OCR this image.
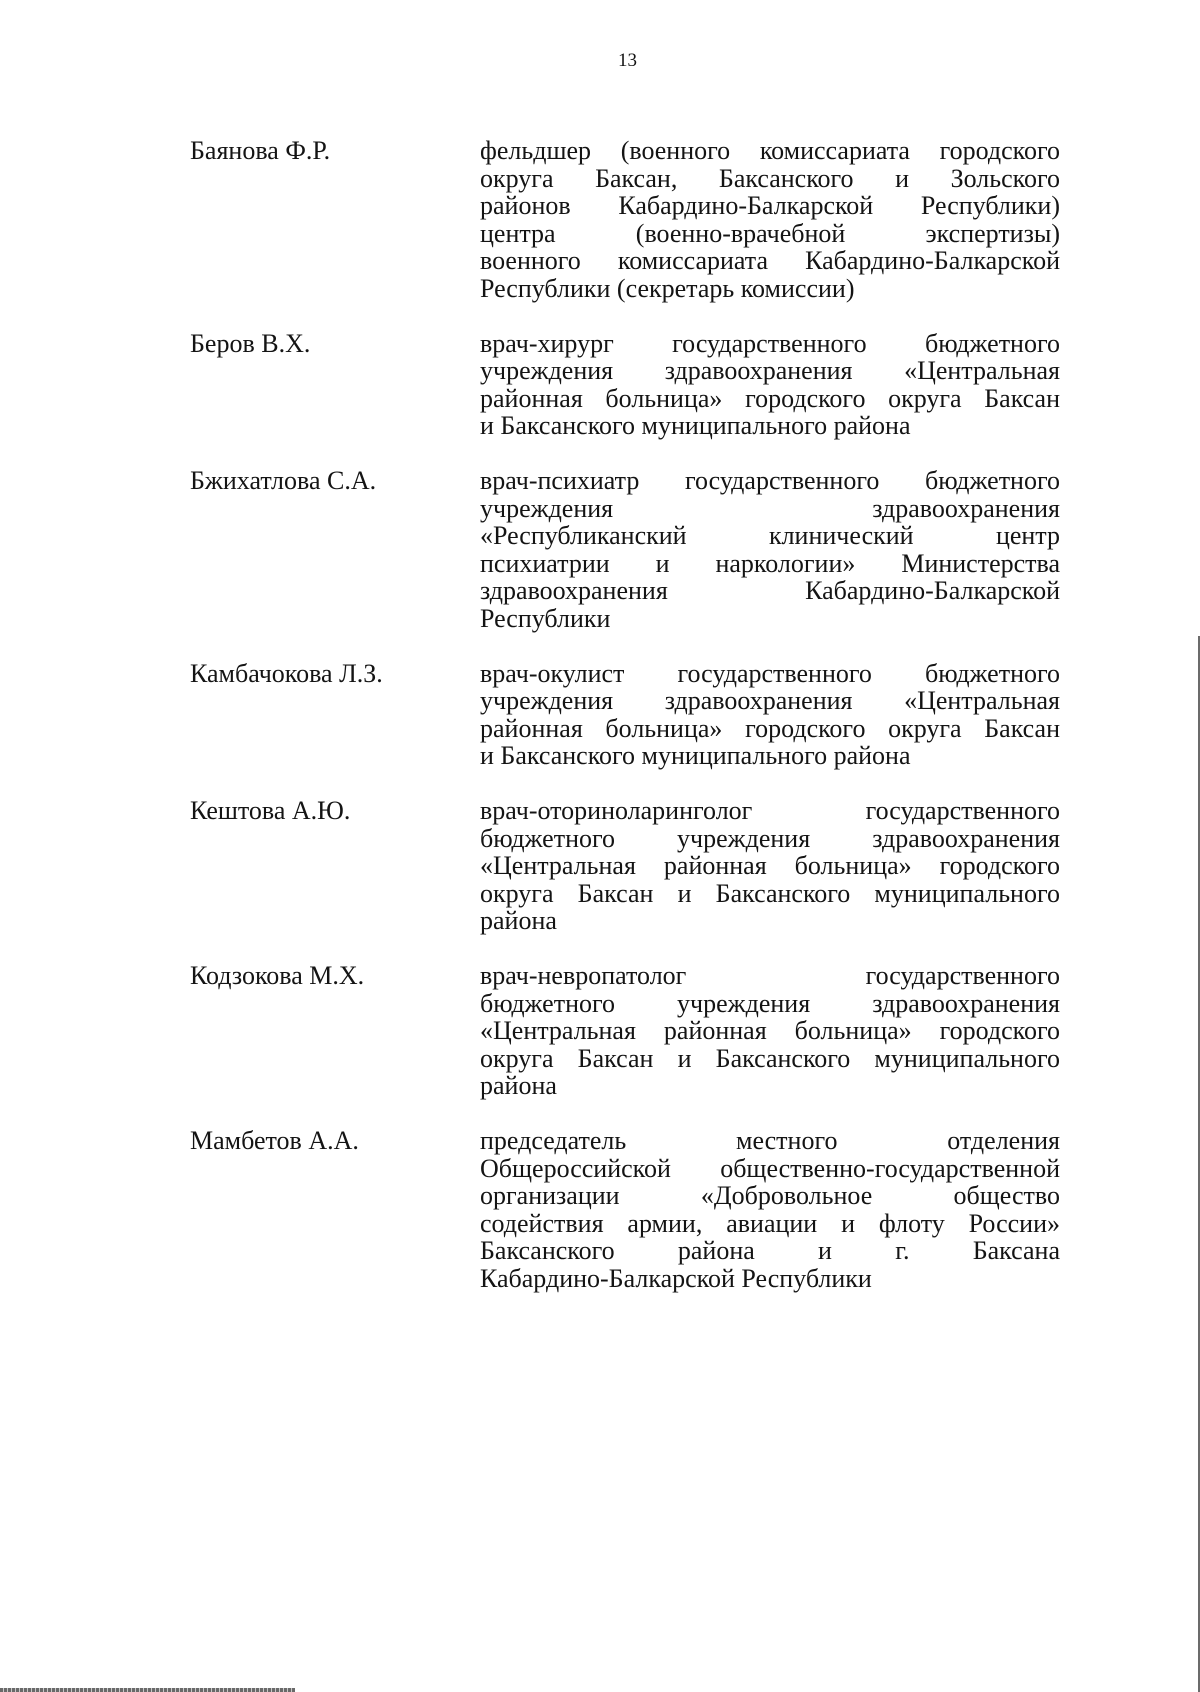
13
Баянова Ф.Р.	фельдшер (военного комиссариата городского
округа Баксан, Баксанского и Зольского
районов Кабардино-Балкарской Республики)
центра (военно-врачебной экспертизы)
военного комиссариата Кабардино-Балкарской
Республики (секретарь комиссии)
Беров В.Х.	врач-хирург государственного бюджетного
учреждения здравоохранения «Центральная
районная больница» городского округа Баксан
и Баксанского муниципального района
Бжихатлова С.А.	врач-психиатр государственного бюджетного
учреждения здравоохранения
«Республиканский клинический центр
психиатрии и наркологии» Министерства
здравоохранения Кабардино-Балкарской
Республики
Камбачокова Л.З.	врач-окулист государственного бюджетного
учреждения здравоохранения «Центральная
районная больница» городского округа Баксан
и Баксанского муниципального района
Кештова А.Ю.	врач-оториноларинголог государственного
бюджетного учреждения здравоохранения
«Центральная районная больница» городского
округа Баксан и Баксанского муниципального
района
Кодзокова М.Х.	врач-невропатолог государственного
бюджетного учреждения здравоохранения
«Центральная районная больница» городского
округа Баксан и Баксанского муниципального
района
Мамбетов А.А.	председатель местного отделения
Общероссийской общественно-государственной
организации «Добровольное общество
содействия армии, авиации и флоту России»
Баксанского района и г. Баксана
Кабардино-Балкарской Республики
